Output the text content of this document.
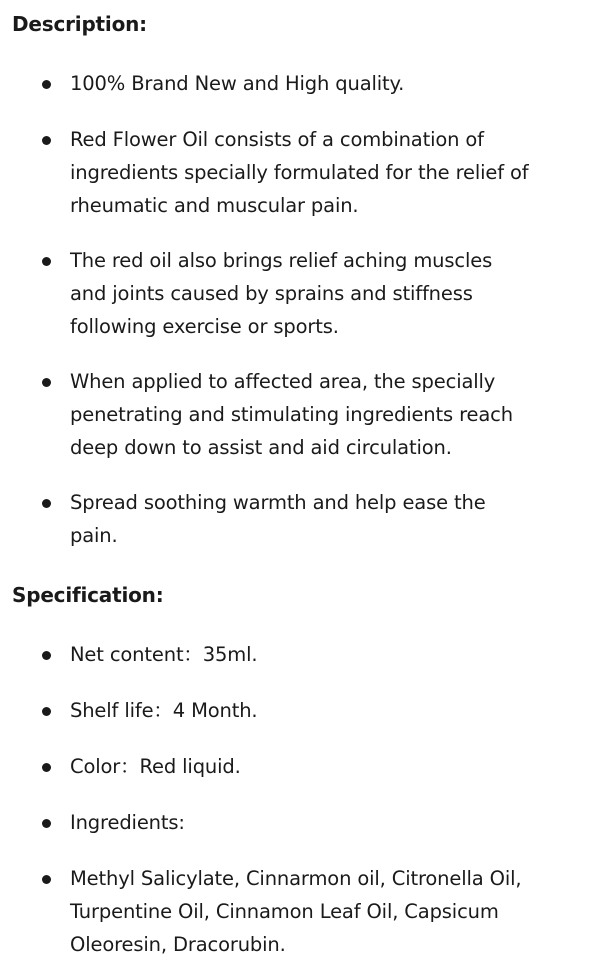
Description:
100% Brand New and High quality.
Red Flower Oil consists of a combination of
ingredients specially formulated for the relief of
rheumatic and muscular pain.
The red oil also brings relief aching muscles
and joints caused by sprains and stiffness
following exercise or sports.
When applied to affected area, the specially
penetrating and stimulating ingredients reach
deep down to assist and aid circulation.
Spread soothing warmth and help ease the
pain.
Specification:
Net content：35ml.
Shelf life：4 Month.
Color：Red liquid.
Ingredients:
Methyl Salicylate, Cinnarmon oil, Citronella Oil,
Turpentine Oil, Cinnamon Leaf Oil, Capsicum
Oleoresin, Dracorubin.
